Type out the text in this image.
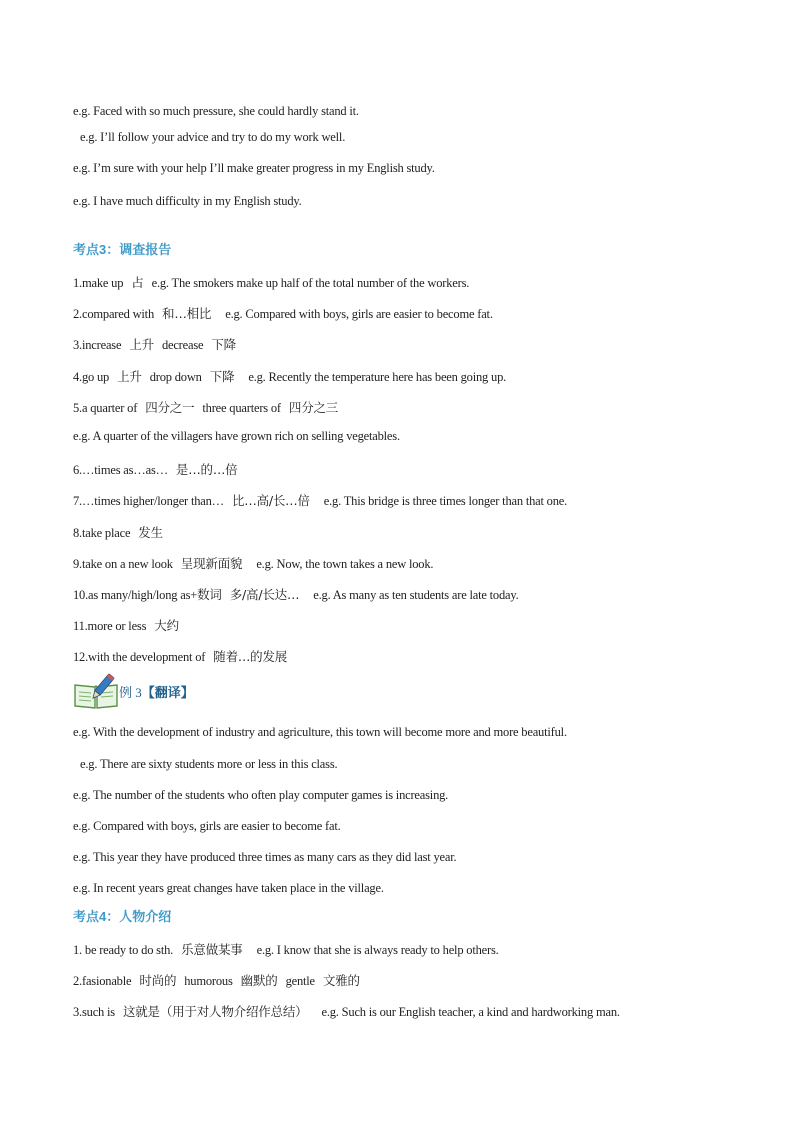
e.g. Faced with so much pressure, she could hardly stand it.
e.g. I’ll follow your advice and try to do my work well.
e.g. I’m sure with your help I’ll make greater progress in my English study.
e.g. I have much difficulty in my English study.
考点3：调查报告
1.make up 占 e.g. The smokers make up half of the total number of the workers.
2.compared with 和…相比 e.g. Compared with boys, girls are easier to become fat.
3.increase 上升 decrease 下降
4.go up 上升 drop down 下降 e.g. Recently the temperature here has been going up.
5.a quarter of 四分之一 three quarters of 四分之三
e.g. A quarter of the villagers have grown rich on selling vegetables.
6.…times as…as… 是…的…倍
7.…times higher/longer than… 比…高/长…倍 e.g. This bridge is three times longer than that one.
8.take place 发生
9.take on a new look 呈现新面貌 e.g. Now, the town takes a new look.
10.as many/high/long as+数词 多/高/长达… e.g. As many as ten students are late today.
11.more or less 大约
12.with the development of 随着…的发展
例 3 【翻译】
e.g. With the development of industry and agriculture, this town will become more and more beautiful.
e.g. There are sixty students more or less in this class.
e.g. The number of the students who often play computer games is increasing.
e.g. Compared with boys, girls are easier to become fat.
e.g. This year they have produced three times as many cars as they did last year.
e.g. In recent years great changes have taken place in the village.
考点4：人物介绍
1. be ready to do sth. 乐意做某事 e.g. I know that she is always ready to help others.
2.fasionable 时尚的 humorous 幽默的 gentle 文雅的
3.such is 这就是（用于对人物介绍作总结） e.g. Such is our English teacher, a kind and hardworking man.
